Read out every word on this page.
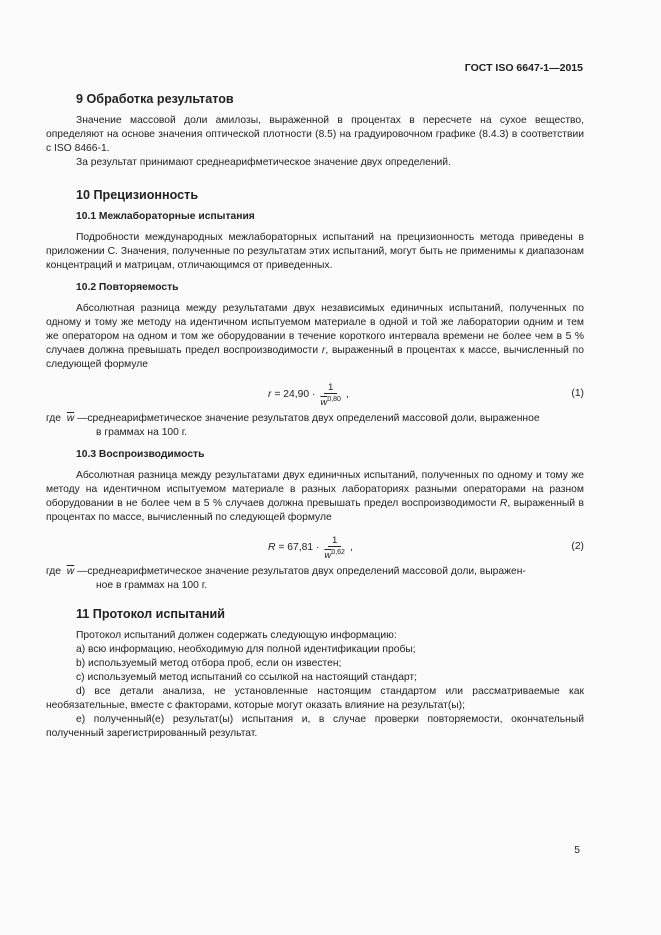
ГОСТ ISO 6647-1—2015
9 Обработка результатов

Значение массовой доли амилозы, выраженной в процентах в пересчете на сухое вещество, определяют на основе значения оптической плотности (8.5) на градуировочном графике (8.4.3) в соответствии с ISO 8466-1.

За результат принимают среднеарифметическое значение двух определений.

10 Прецизионность
10.1 Межлабораторные испытания

Подробности международных межлабораторных испытаний на прецизионность метода приведены в приложении С. Значения, полученные по результатам этих испытаний, могут быть не применимы к диапазонам концентраций и матрицам, отличающимся от приведенных.

10.2 Повторяемость

Абсолютная разница между результатами двух независимых единичных испытаний, полученных по одному и тому же методу на идентичном испытуемом материале в одной и той же лаборатории одним и тем же оператором на одном и том же оборудовании в течение короткого интервала времени не более чем в 5 % случаев должна превышать предел воспроизводимости r, выраженный в процентах к массе, вычисленный по следующей формуле

$r = 24,90 \cdot \frac{1}{\overline{w}^{0,80}}$ ,	(1)
где $\overline{w}$ — среднеарифметическое значение результатов двух определений массовой доли, выраженное
в граммах на 100 г.
10.3 Воспроизводимость

Абсолютная разница между результатами двух единичных испытаний, полученных по одному и тому же методу на идентичном испытуемом материале в разных лабораториях разными операторами на разном оборудовании в не более чем в 5 % случаев должна превышать предел воспроизводимости R, выраженный в процентах по массе, вычисленный по следующей формуле

$R = 67,81 \cdot \frac{1}{\overline{w}^{0,62}}$ ,	(2)
где $\overline{w}$ — среднеарифметическое значение результатов двух определений массовой доли, выражен-
ное в граммах на 100 г.
11 Протокол испытаний

Протокол испытаний должен содержать следующую информацию:

а) всю информацию, необходимую для полной идентификации пробы;

b) используемый метод отбора проб, если он известен;

c) используемый метод испытаний со ссылкой на настоящий стандарт;

d) все детали анализа, не установленные настоящим стандартом или рассматриваемые как необязательные, вместе с факторами, которые могут оказать влияние на результат(ы);

e) полученный(е) результат(ы) испытания и, в случае проверки повторяемости, окончательный полученный зарегистрированный результат.

5
